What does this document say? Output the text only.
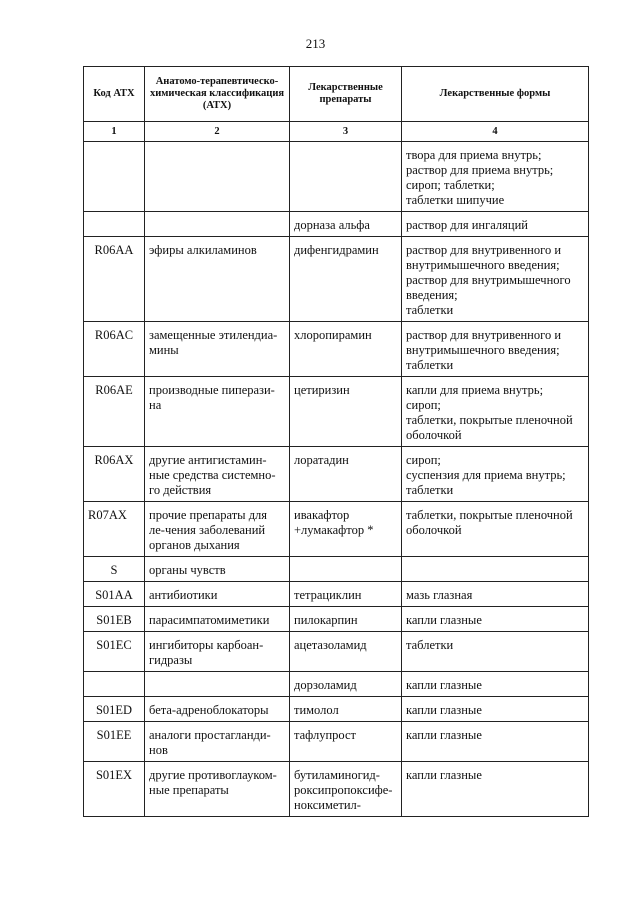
213
Код АТХ	Анатомо-терапевтическо-химическая классификация (АТХ)	Лекарственные препараты	Лекарственные формы
1	2	3	4

			твора для приема внутрь;
раствор для приема внутрь;
сироп; таблетки;
таблетки шипучие

		дорназа альфа	раствор для ингаляций

R06AA	эфиры алкиламинов	дифенгидрамин	раствор для внутривенного и внутримышечного введения;
раствор для внутримышечного введения;
таблетки

R06AC	замещенные этилендиа-мины	хлоропирамин	раствор для внутривенного и внутримышечного введения;
таблетки

R06AE	производные пиперази-на	цетиризин	капли для приема внутрь;
сироп;
таблетки, покрытые пленочной оболочкой

R06AX	другие антигистамин-ные средства системно-го действия	лоратадин	сироп;
суспензия для приема внутрь;
таблетки

R07AX	прочие препараты для ле-чения заболеваний органов дыхания	ивакафтор +лумакафтор *	таблетки, покрытые пленочной оболочкой

S	органы чувств		
S01AA	антибиотики	тетрациклин	мазь глазная

S01EB	парасимпатомиметики	пилокарпин	капли глазные

S01EC	ингибиторы карбоан-гидразы	ацетазоламид	таблетки

		дорзоламид	капли глазные

S01ED	бета-адреноблокаторы	тимолол	капли глазные

S01EE	аналоги простагланди-нов	тафлупрост	капли глазные

S01EX	другие противоглауком-ные препараты	бутиламиногид-роксипропоксифе-ноксиметил-	капли глазные
